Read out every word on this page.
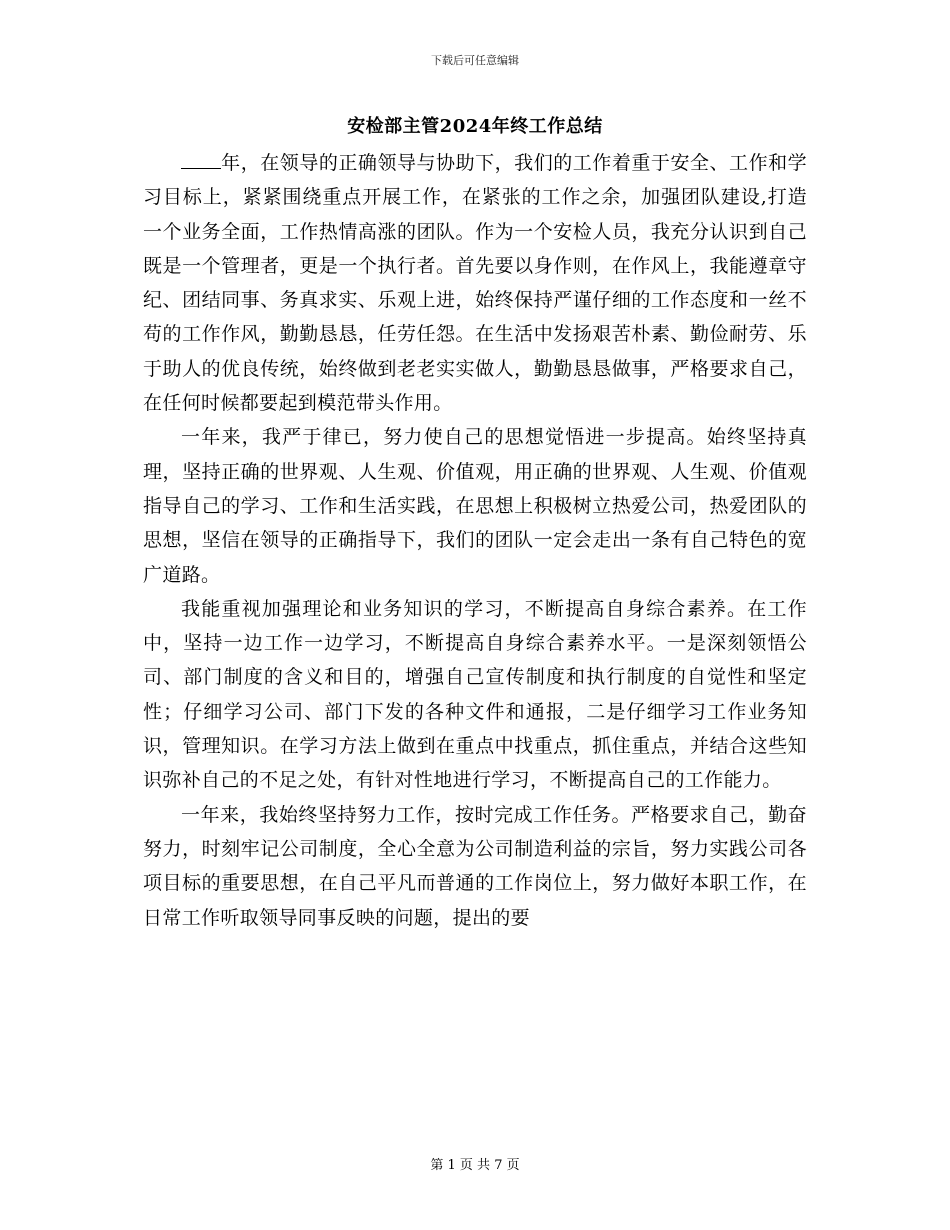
下载后可任意编辑
安检部主管2024年终工作总结

年，在领导的正确领导与协助下，我们的工作着重于安全、工作和学习目标上，紧紧围绕重点开展工作，在紧张的工作之余，加强团队建设,打造一个业务全面，工作热情高涨的团队。作为一个安检人员，我充分认识到自己既是一个管理者，更是一个执行者。首先要以身作则，在作风上，我能遵章守纪、团结同事、务真求实、乐观上进，始终保持严谨仔细的工作态度和一丝不苟的工作作风，勤勤恳恳，任劳任怨。在生活中发扬艰苦朴素、勤俭耐劳、乐于助人的优良传统，始终做到老老实实做人，勤勤恳恳做事，严格要求自己，在任何时候都要起到模范带头作用。

一年来，我严于律已，努力使自己的思想觉悟进一步提高。始终坚持真理，坚持正确的世界观、人生观、价值观，用正确的世界观、人生观、价值观指导自己的学习、工作和生活实践，在思想上积极树立热爱公司，热爱团队的思想，坚信在领导的正确指导下，我们的团队一定会走出一条有自己特色的宽广道路。

我能重视加强理论和业务知识的学习，不断提高自身综合素养。在工作中，坚持一边工作一边学习，不断提高自身综合素养水平。一是深刻领悟公司、部门制度的含义和目的，增强自己宣传制度和执行制度的自觉性和坚定性；仔细学习公司、部门下发的各种文件和通报，二是仔细学习工作业务知识，管理知识。在学习方法上做到在重点中找重点，抓住重点，并结合这些知识弥补自己的不足之处，有针对性地进行学习，不断提高自己的工作能力。

一年来，我始终坚持努力工作，按时完成工作任务。严格要求自己，勤奋努力，时刻牢记公司制度，全心全意为公司制造利益的宗旨，努力实践公司各项目标的重要思想，在自己平凡而普通的工作岗位上，努力做好本职工作，在日常工作听取领导同事反映的问题，提出的要

第 1 页 共 7 页
